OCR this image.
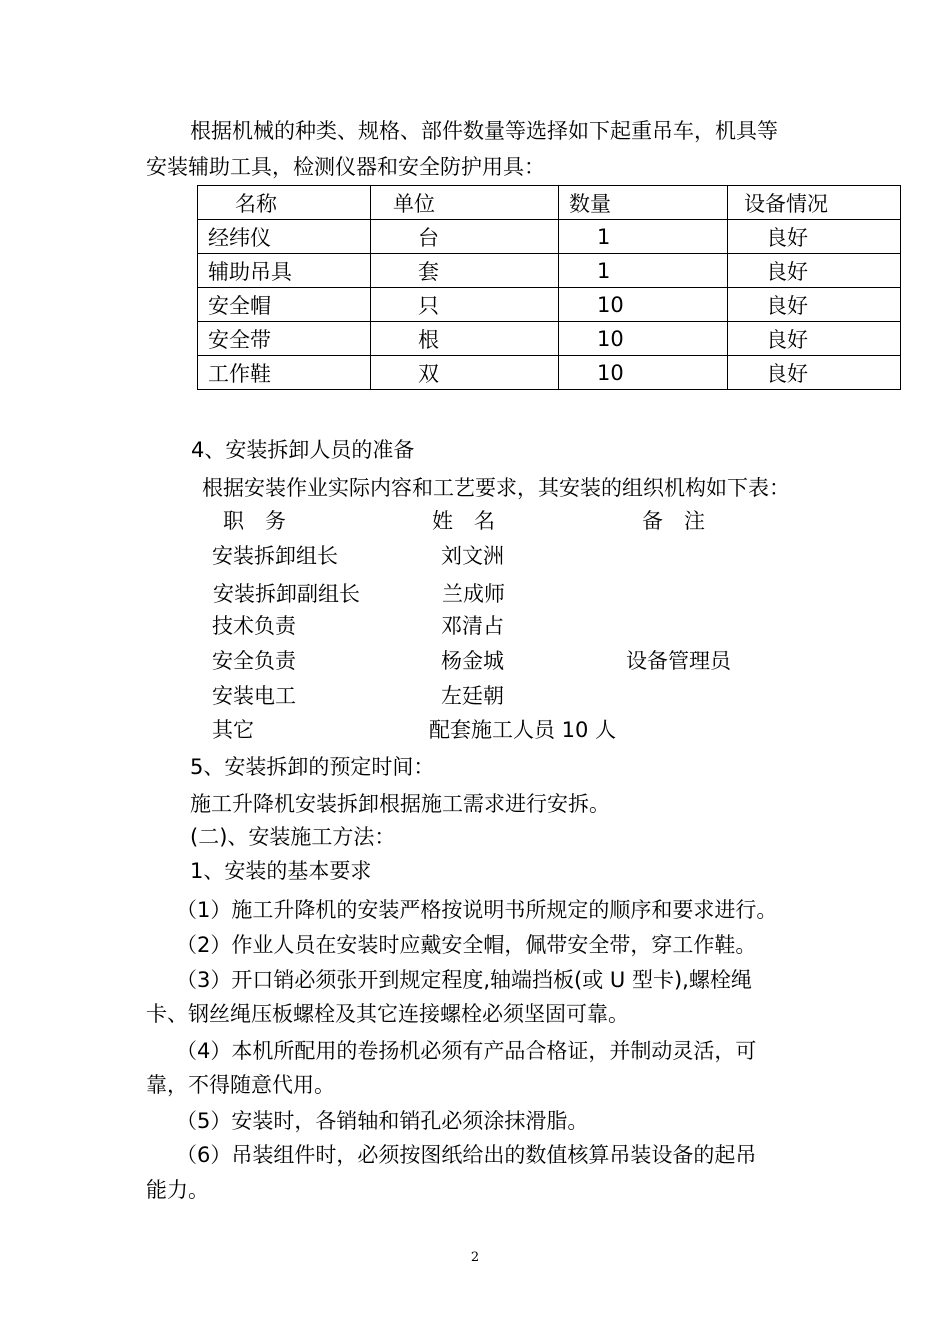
根据机械的种类、规格、部件数量等选择如下起重吊车，机具等
安装辅助工具，检测仪器和安全防护用具：
名称	单位	数量	设备情况
经纬仪	台	1	良好
辅助吊具	套	1	良好
安全帽	只	10	良好
安全带	根	10	良好
工作鞋	双	10	良好
4、安装拆卸人员的准备
根据安装作业实际内容和工艺要求，其安装的组织机构如下表：
职　务	姓　名	备　注
安装拆卸组长	刘文洲
安装拆卸副组长	兰成师
技术负责	邓清占
安全负责	杨金城	设备管理员
安装电工	左廷朝
其它	配套施工人员 10 人
5、安装拆卸的预定时间：
施工升降机安装拆卸根据施工需求进行安拆。
(二)、安装施工方法：
1、安装的基本要求
（1）施工升降机的安装严格按说明书所规定的顺序和要求进行。
（2）作业人员在安装时应戴安全帽，佩带安全带，穿工作鞋。
（3）开口销必须张开到规定程度,轴端挡板(或 U 型卡),螺栓绳
卡、钢丝绳压板螺栓及其它连接螺栓必须坚固可靠。
（4）本机所配用的卷扬机必须有产品合格证，并制动灵活，可
靠，不得随意代用。
（5）安装时，各销轴和销孔必须涂抹滑脂。
（6）吊装组件时，必须按图纸给出的数值核算吊装设备的起吊
能力。
2
